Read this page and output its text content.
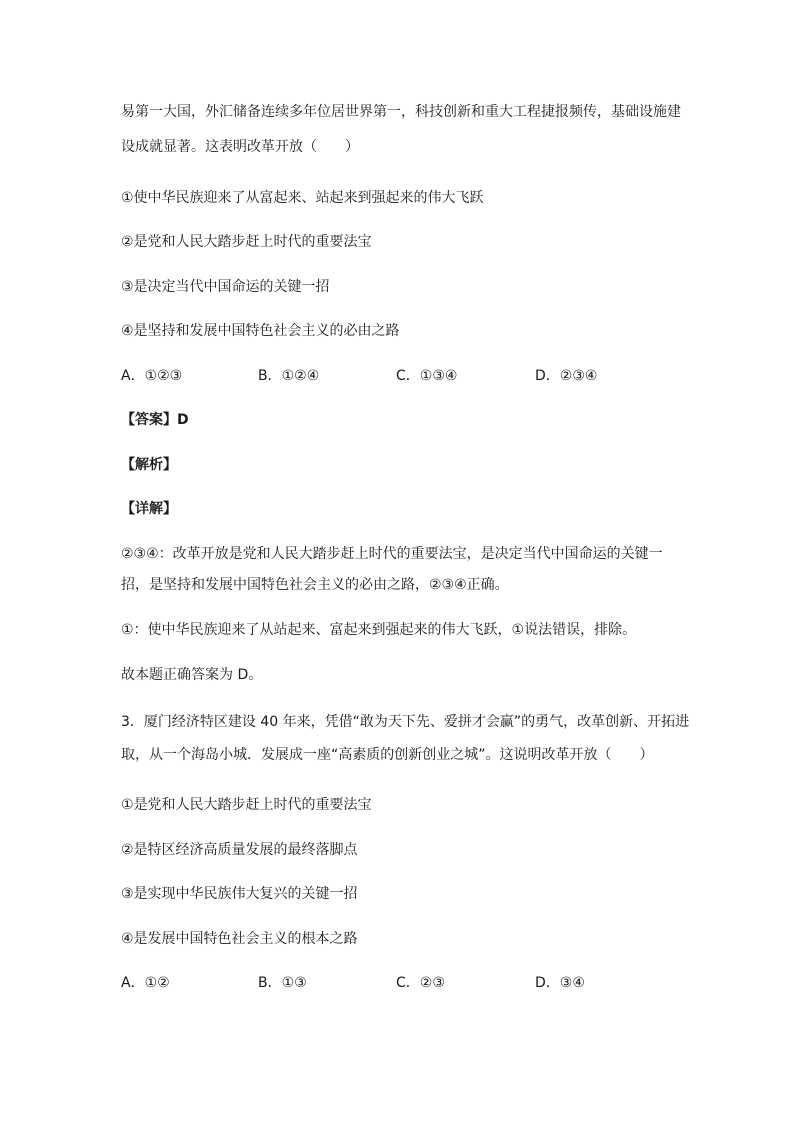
易第一大国，外汇储备连续多年位居世界第一，科技创新和重大工程捷报频传，基础设施建
设成就显著。这表明改革开放（　　）
①使中华民族迎来了从富起来、站起来到强起来的伟大飞跃
②是党和人民大踏步赶上时代的重要法宝
③是决定当代中国命运的关键一招
④是坚持和发展中国特色社会主义的必由之路
A．①②③	B．①②④	C．①③④	D．②③④
【答案】D
【解析】
【详解】
②③④：改革开放是党和人民大踏步赶上时代的重要法宝，是决定当代中国命运的关键一
招，是坚持和发展中国特色社会主义的必由之路，②③④正确。
①：使中华民族迎来了从站起来、富起来到强起来的伟大飞跃，①说法错误，排除。
故本题正确答案为 D。
3．厦门经济特区建设 40 年来，凭借“敢为天下先、爱拼才会赢”的勇气，改革创新、开拓进
取，从一个海岛小城．发展成一座“高素质的创新创业之城”。这说明改革开放（　　）
①是党和人民大踏步赶上时代的重要法宝
②是特区经济高质量发展的最终落脚点
③是实现中华民族伟大复兴的关键一招
④是发展中国特色社会主义的根本之路
A．①②	B．①③	C．②③	D．③④
